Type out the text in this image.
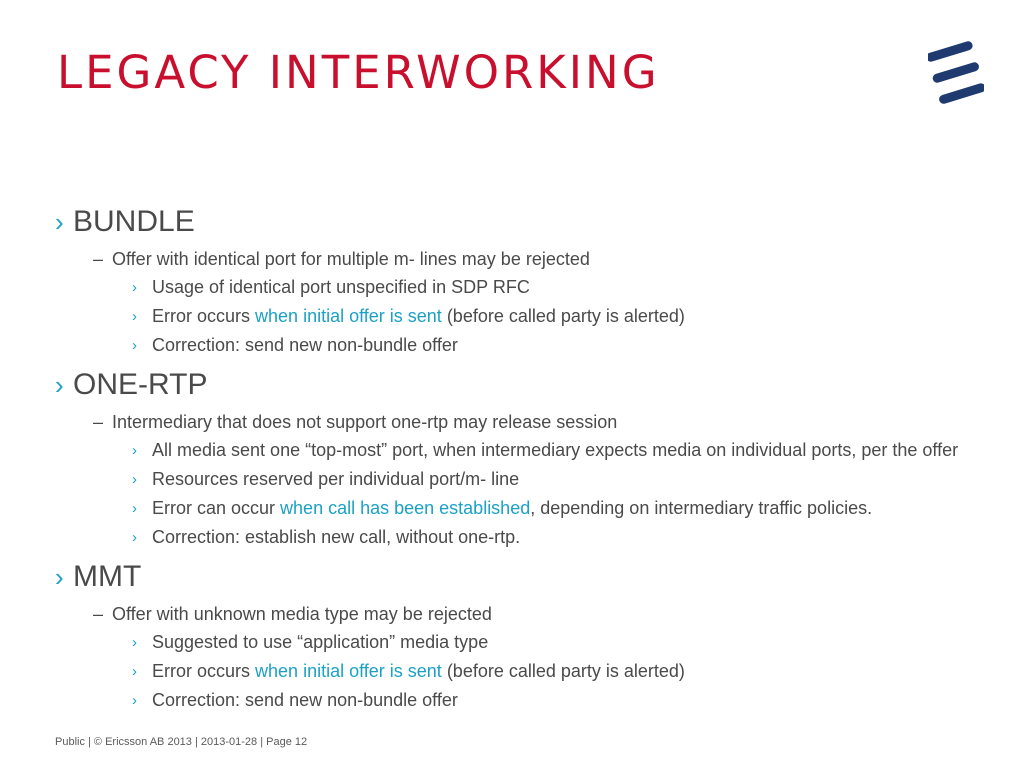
LEGACY INTERWORKING
› BUNDLE
– Offer with identical port for multiple m- lines may be rejected
› Usage of identical port unspecified in SDP RFC
› Error occurs when initial offer is sent (before called party is alerted)
› Correction: send new non-bundle offer
› ONE-RTP
– Intermediary that does not support one-rtp may release session
› All media sent one “top-most” port, when intermediary expects media on individual ports, per the offer
› Resources reserved per individual port/m- line
› Error can occur when call has been established, depending on intermediary traffic policies.
› Correction: establish new call, without one-rtp.
› MMT
– Offer with unknown media type may be rejected
› Suggested to use “application” media type
› Error occurs when initial offer is sent (before called party is alerted)
› Correction: send new non-bundle offer
Public | © Ericsson AB 2013 | 2013-01-28 | Page 12
